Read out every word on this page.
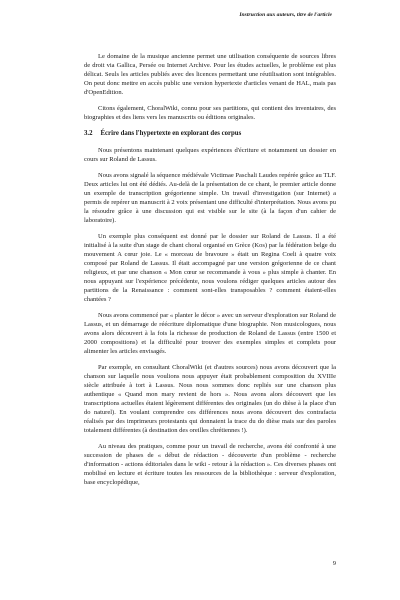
Instruction aux auteurs, titre de l'article

Le domaine de la musique ancienne permet une utilisation conséquente de sources libres de droit via Gallica, Persée ou Internet Archive. Pour les études actuelles, le problème est plus délicat. Seuls les articles publiés avec des licences permettant une réutilisation sont intégrables. On peut donc mettre en accès public une version hypertexte d'articles venant de HAL, mais pas d'OpenEdition.

Citons également, ChoralWiki, connu pour ses partitions, qui contient des inventaires, des biographies et des liens vers les manuscrits ou éditions originales.

3.2 Écrire dans l'hypertexte en explorant des corpus

Nous présentons maintenant quelques expériences d'écriture et notamment un dossier en cours sur Roland de Lassus.

Nous avons signalé la séquence médiévale Victimae Paschali Laudes repérée grâce au TLF. Deux articles lui ont été dédiés. Au-delà de la présentation de ce chant, le premier article donne un exemple de transcription grégorienne simple. Un travail d'investigation (sur Internet) a permis de repérer un manuscrit à 2 voix présentant une difficulté d'interprétation. Nous avons pu la résoudre grâce à une discussion qui est visible sur le site (à la façon d'un cahier de laboratoire).

Un exemple plus conséquent est donné par le dossier sur Roland de Lassus. Il a été initialisé à la suite d'un stage de chant choral organisé en Grèce (Kos) par la fédération belge du mouvement A cœur joie. Le « morceau de bravoure » était un Regina Coeli à quatre voix composé par Roland de Lassus. Il était accompagné par une version grégorienne de ce chant religieux, et par une chanson « Mon cœur se recommande à vous » plus simple à chanter. En nous appuyant sur l'expérience précédente, nous voulons rédiger quelques articles autour des partitions de la Renaissance : comment sont-elles transposables ? comment étaient-elles chantées ?

Nous avons commencé par « planter le décor » avec un serveur d'exploration sur Roland de Lassus, et un démarrage de réécriture diplomatique d'une biographie. Non musicologues, nous avons alors découvert à la fois la richesse de production de Roland de Lassus (entre 1500 et 2000 compositions) et la difficulté pour trouver des exemples simples et complets pour alimenter les articles envisagés.

Par exemple, en consultant ChoralWiki (et d'autres sources) nous avons découvert que la chanson sur laquelle nous voulions nous appuyer était probablement composition du XVIIIe siècle attribuée à tort à Lassus. Nous nous sommes donc repliés sur une chanson plus authentique « Quand mon mary revient de hors ». Nous avons alors découvert que les transcriptions actuelles étaient légèrement différentes des originales (un do dièse à la place d'un do naturel). En voulant comprendre ces différences nous avons découvert des contrafacta réalisés par des imprimeurs protestants qui donnaient la trace du do dièse mais sur des paroles totalement différentes (à destination des oreilles chrétiennes !).

Au niveau des pratiques, comme pour un travail de recherche, avons été confronté à une succession de phases de « début de rédaction - découverte d'un problème - recherche d'information - actions éditoriales dans le wiki - retour à la rédaction ». Ces diverses phases ont mobilisé en lecture et écriture toutes les ressources de la bibliothèque : serveur d'exploration, base encyclopédique,

9
